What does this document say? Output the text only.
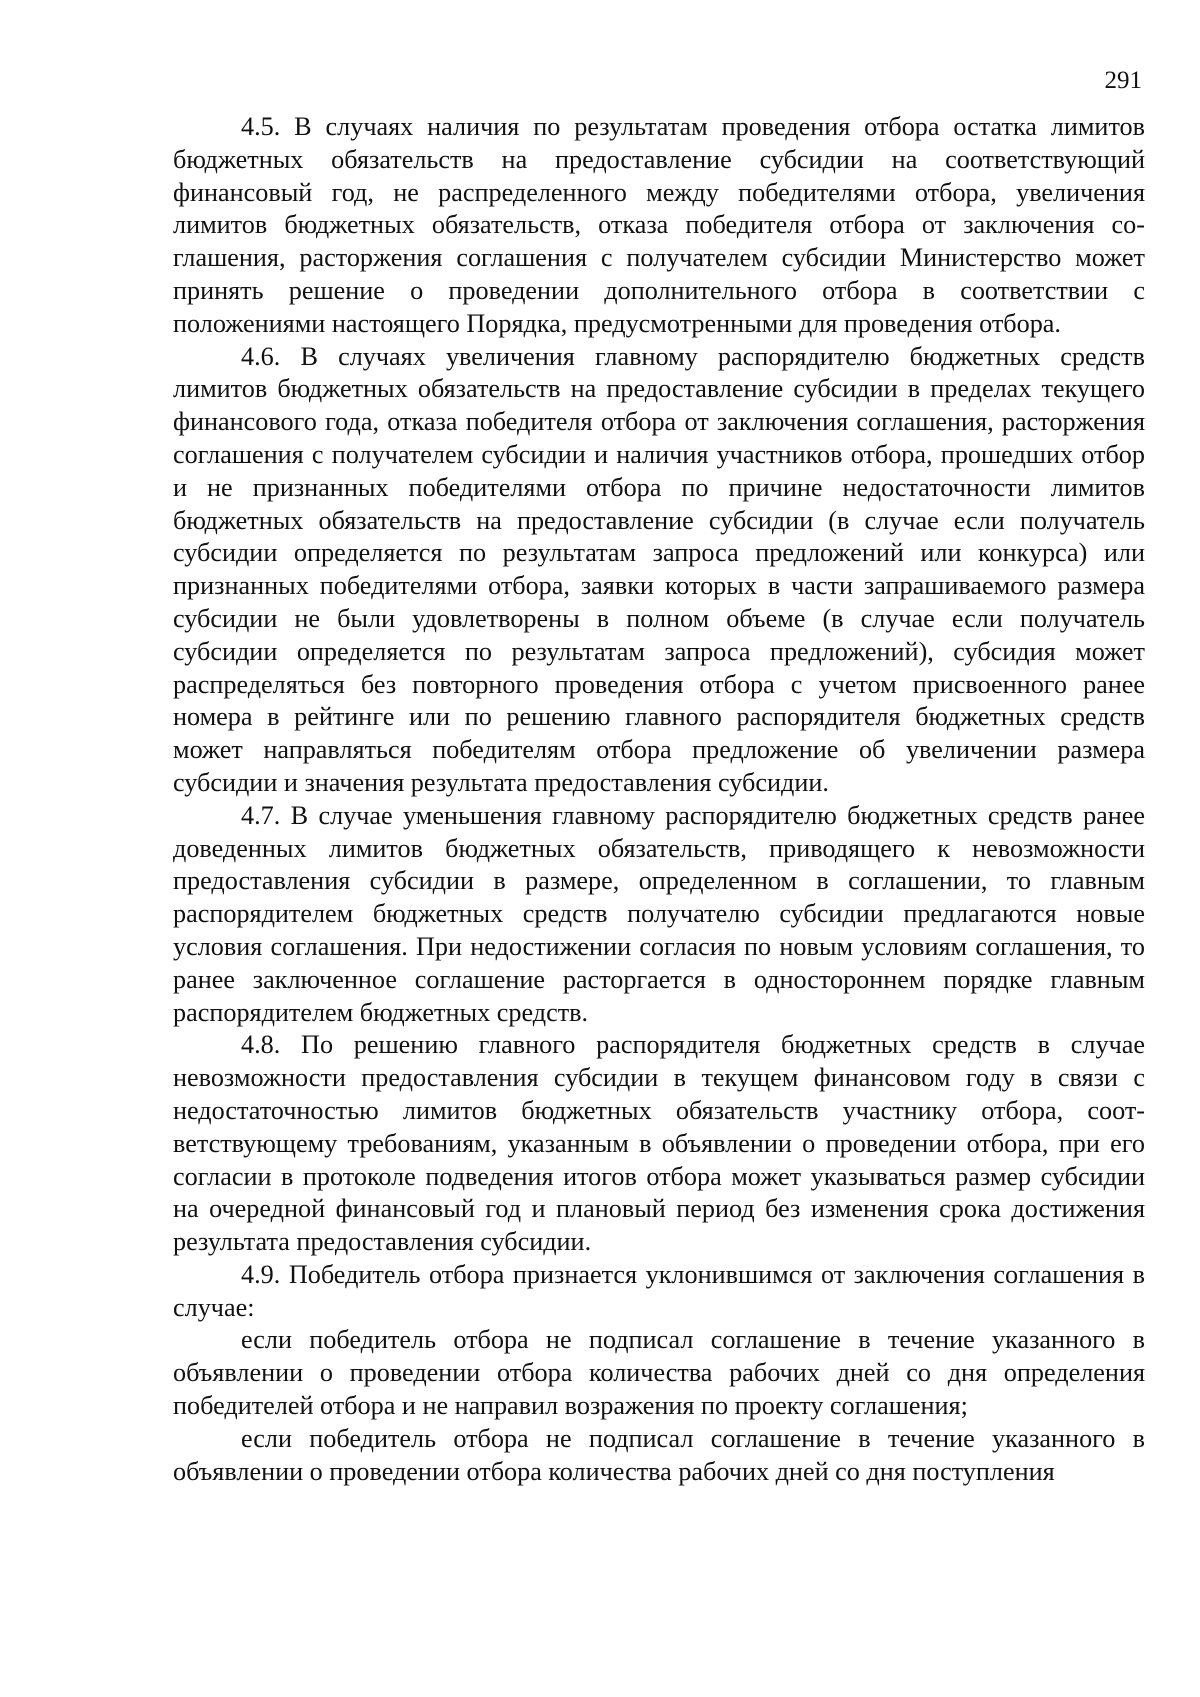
291

4.5. В случаях наличия по результатам проведения отбора остатка лимитов бюджетных обязательств на предоставление субсидии на соответствующий финансовый год, не распределенного между победителями отбора, увеличения лимитов бюджетных обязательств, отказа победителя отбора от заключения соглашения, расторжения соглашения с получателем субсидии Министерство может принять решение о проведении дополнительного отбора в соответствии с положениями настоящего Порядка, предусмотренными для проведения отбора.

4.6. В случаях увеличения главному распорядителю бюджетных средств лимитов бюджетных обязательств на предоставление субсидии в пределах текущего финансового года, отказа победителя отбора от заключения соглашения, расторжения соглашения с получателем субсидии и наличия участников отбора, прошедших отбор и не признанных победителями отбора по причине недостаточности лимитов бюджетных обязательств на предоставление субсидии (в случае если получатель субсидии определяется по результатам запроса предложений или конкурса) или признанных победителями отбора, заявки которых в части запрашиваемого размера субсидии не были удовлетворены в полном объеме (в случае если получатель субсидии определяется по результатам запроса предложений), субсидия может распределяться без повторного проведения отбора с учетом присвоенного ранее номера в рейтинге или по решению главного распорядителя бюджетных средств может направляться победителям отбора предложение об увеличении размера субсидии и значения результата предоставления субсидии.

4.7. В случае уменьшения главному распорядителю бюджетных средств ранее доведенных лимитов бюджетных обязательств, приводящего к невозможности предоставления субсидии в размере, определенном в соглашении, то главным распорядителем бюджетных средств получателю субсидии предлагаются новые условия соглашения. При недостижении согласия по новым условиям соглашения, то ранее заключенное соглашение расторгается в одностороннем порядке главным распорядителем бюджетных средств.

4.8. По решению главного распорядителя бюджетных средств в случае невозможности предоставления субсидии в текущем финансовом году в связи с недостаточностью лимитов бюджетных обязательств участнику отбора, соответствующему требованиям, указанным в объявлении о проведении отбора, при его согласии в протоколе подведения итогов отбора может указываться размер субсидии на очередной финансовый год и плановый период без изменения срока достижения результата предоставления субсидии.

4.9. Победитель отбора признается уклонившимся от заключения соглашения в случае:

если победитель отбора не подписал соглашение в течение указанного в объявлении о проведении отбора количества рабочих дней со дня определения победителей отбора и не направил возражения по проекту соглашения;

если победитель отбора не подписал соглашение в течение указанного в объявлении о проведении отбора количества рабочих дней со дня поступления
